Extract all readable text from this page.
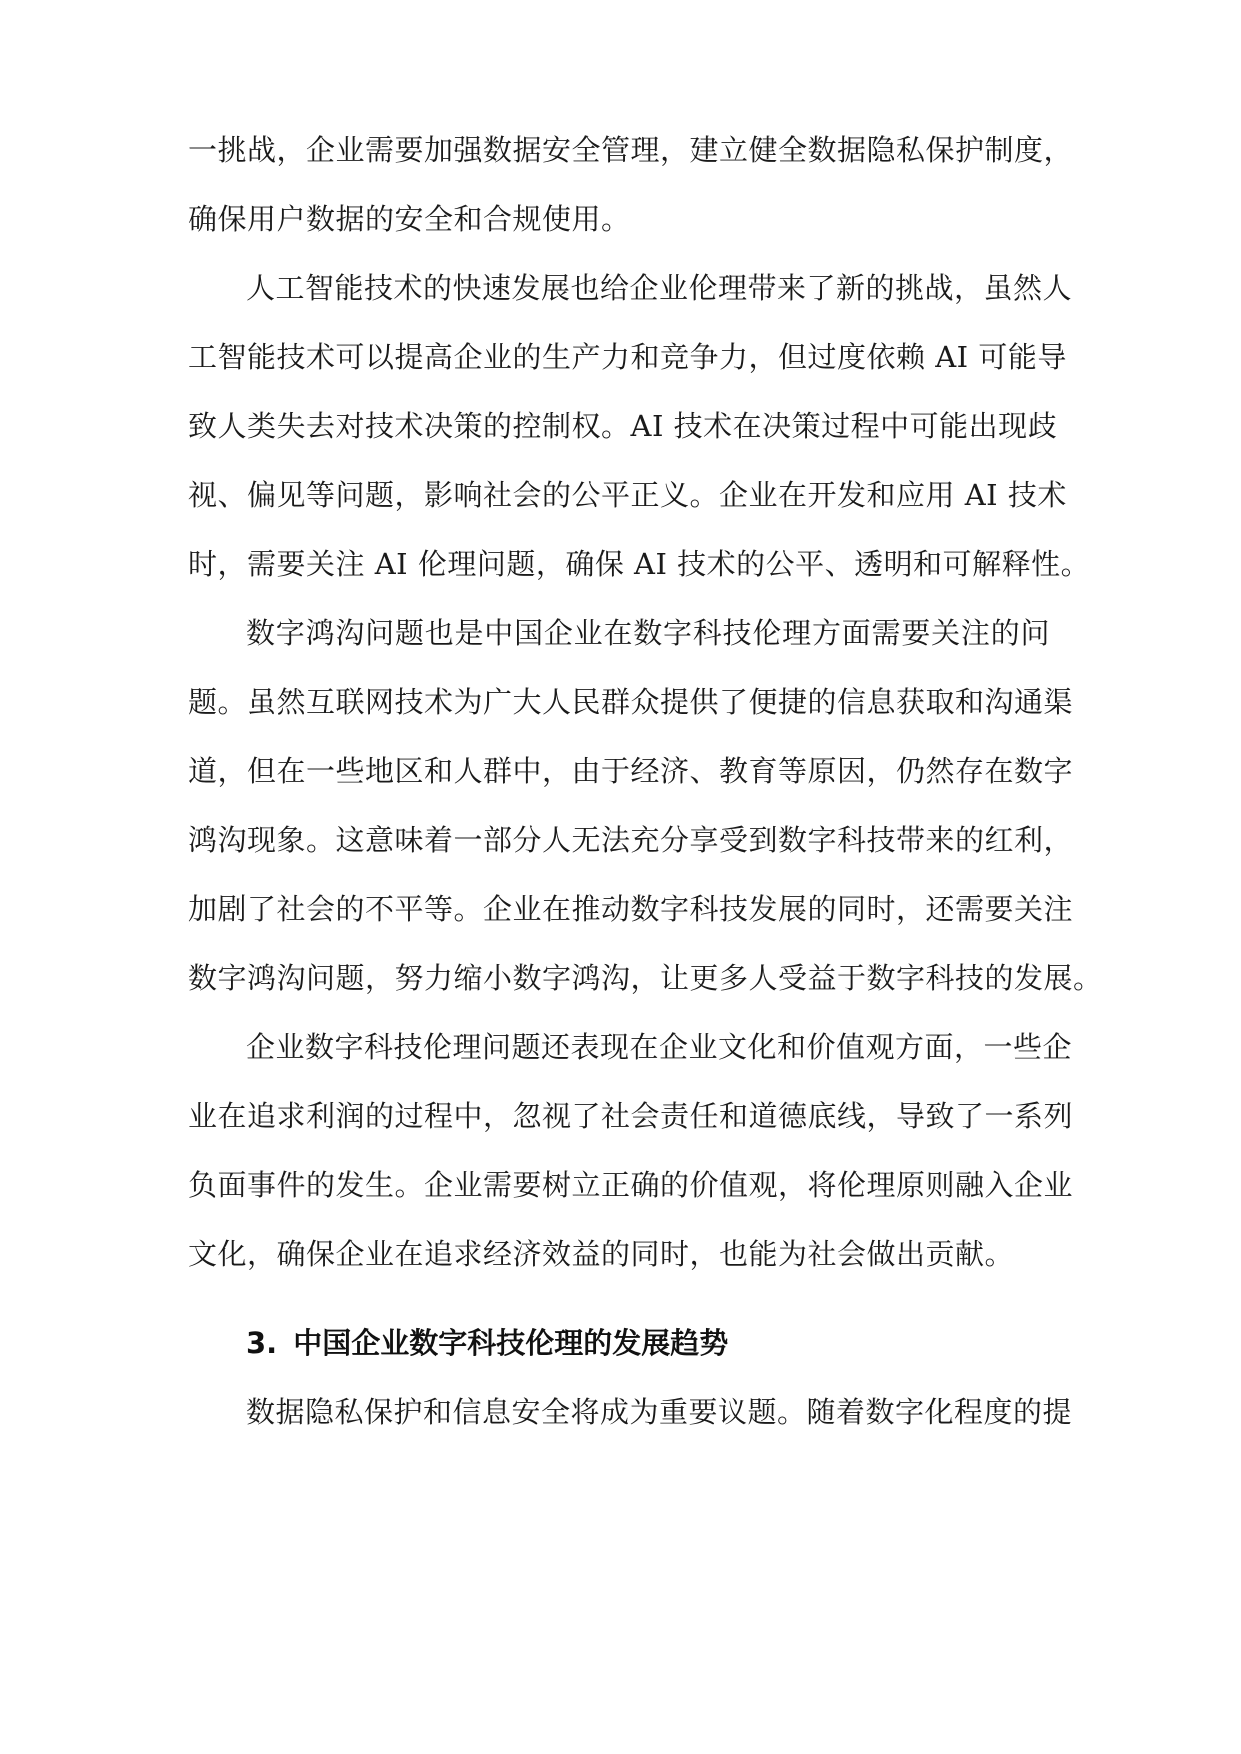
一挑战，企业需要加强数据安全管理，建立健全数据隐私保护制度，
确保用户数据的安全和合规使用。
人工智能技术的快速发展也给企业伦理带来了新的挑战，虽然人
工智能技术可以提高企业的生产力和竞争力，但过度依赖 AI 可能导
致人类失去对技术决策的控制权。AI 技术在决策过程中可能出现歧
视、偏见等问题，影响社会的公平正义。企业在开发和应用 AI 技术
时，需要关注 AI 伦理问题，确保 AI 技术的公平、透明和可解释性。
数字鸿沟问题也是中国企业在数字科技伦理方面需要关注的问
题。虽然互联网技术为广大人民群众提供了便捷的信息获取和沟通渠
道，但在一些地区和人群中，由于经济、教育等原因，仍然存在数字
鸿沟现象。这意味着一部分人无法充分享受到数字科技带来的红利，
加剧了社会的不平等。企业在推动数字科技发展的同时，还需要关注
数字鸿沟问题，努力缩小数字鸿沟，让更多人受益于数字科技的发展。
企业数字科技伦理问题还表现在企业文化和价值观方面，一些企
业在追求利润的过程中，忽视了社会责任和道德底线，导致了一系列
负面事件的发生。企业需要树立正确的价值观，将伦理原则融入企业
文化，确保企业在追求经济效益的同时，也能为社会做出贡献。
3. 中国企业数字科技伦理的发展趋势
数据隐私保护和信息安全将成为重要议题。随着数字化程度的提
